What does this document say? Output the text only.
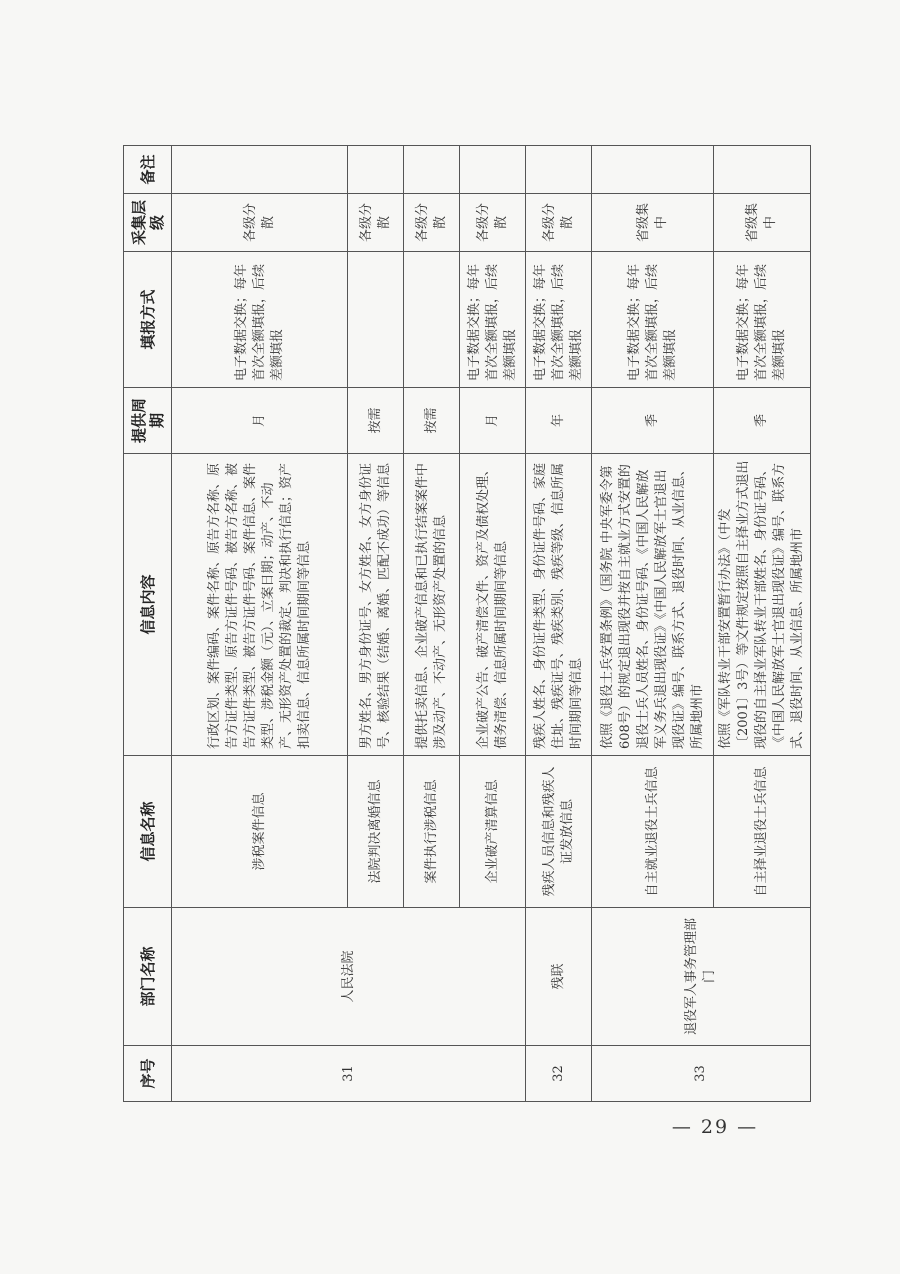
序号	部门名称	信息名称	信息内容	提供周期	填报方式	采集层级	备注
31	人民法院	涉税案件信息	行政区划、案件编码、案件名称、原告方名称、原告方证件类型、原告方证件号码、被告方名称、被告方证件类型、被告方证件号码、案件信息、案件类型、涉税金额（元）、立案日期；动产、不动产、无形资产处置的裁定、判决和执行信息；资产扣卖信息、信息所属时间期间等信息	月	电子数据交换；每年首次全额填报，后续差额填报	各级分散	
		法院判决离婚信息	男方姓名、男方身份证号、女方姓名、女方身份证号、核验结果（结婚、离婚、匹配不成功）等信息	按需		各级分散	
		案件执行涉税信息	提供托卖信息、企业破产信息和已执行结案案件中涉及动产、不动产、无形资产处置的信息	按需		各级分散	
		企业破产清算信息	企业破产公告、破产清偿文件、资产及债权处理、债务清偿、信息所属时间期间等信息	月	电子数据交换；每年首次全额填报，后续差额填报	各级分散	
32	残联	残疾人员信息和残疾人证发放信息	残疾人姓名、身份证件类型、身份证件号码、家庭住址、残疾证号、残疾类别、残疾等级、信息所属时间期间等信息	年	电子数据交换；每年首次全额填报，后续差额填报	各级分散	
33	退役军人事务管理部门	自主就业退役士兵信息	依照《退役士兵安置条例》（国务院 中央军委令第608号）的规定退出现役并按自主就业方式安置的退役士兵人员姓名、身份证号码、《中国人民解放军义务兵退出现役证》《中国人民解放军士官退出现役证》编号、联系方式、退役时间、从业信息、所属地州市	季	电子数据交换；每年首次全额填报，后续差额填报	省级集中	
		自主择业退役士兵信息	依照《军队转业干部安置暂行办法》（中发〔2001〕3号）等文件规定按照自主择业方式退出现役的自主择业军队转业干部姓名、身份证号码、《中国人民解放军士官退出现役证》编号、联系方式、退役时间、从业信息、所属地州市	季	电子数据交换；每年首次全额填报，后续差额填报	省级集中	
— 29 —
